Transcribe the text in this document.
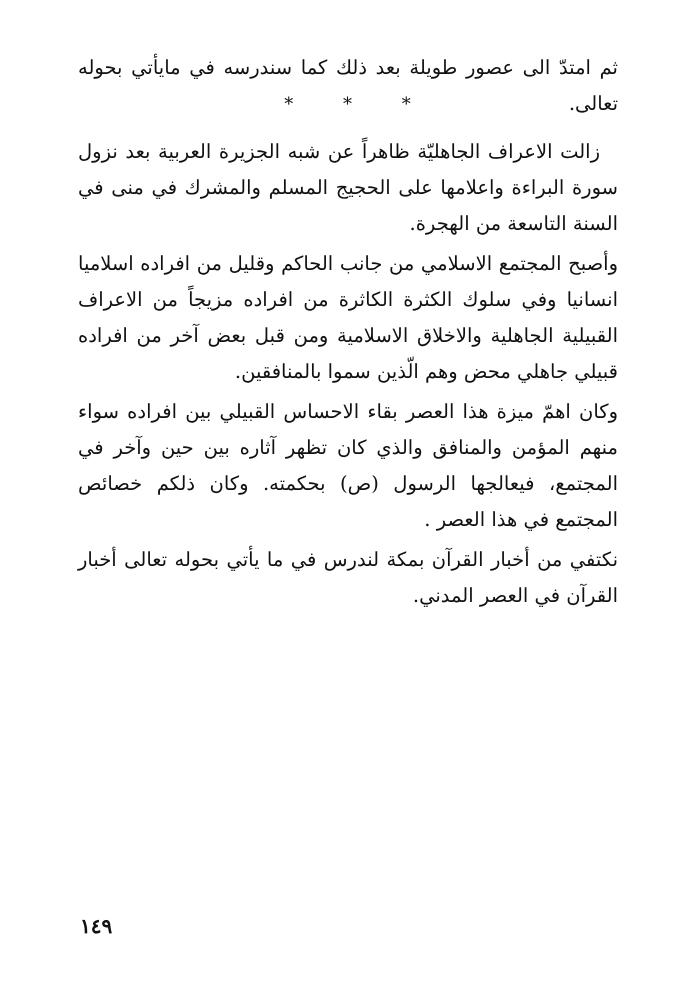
ثم امتدّ الى عصور طويلة بعد ذلك كما سندرسه في مايأتي بحوله تعالى.
*	*	*

زالت الاعراف الجاهليّة ظاهراً عن شبه الجزيرة العربية بعد نزول سورة البراءة واعلامها على الحجيج المسلم والمشرك في منى في السنة التاسعة من الهجرة.

وأصبح المجتمع الاسلامي من جانب الحاكم وقليل من افراده اسلاميا انسانيا وفي سلوك الكثرة الكاثرة من افراده مزيجاً من الاعراف القبيلية الجاهلية والاخلاق الاسلامية ومن قبل بعض آخر من افراده قبيلي جاهلي محض وهم الّذين سموا بالمنافقين.

وكان اهمّ ميزة هذا العصر بقاء الاحساس القبيلي بين افراده سواء منهم المؤمن والمنافق والذي كان تظهر آثاره بين حين وآخر في المجتمع، فيعالجها الرسول (ص) بحكمته. وكان ذلكم خصائص المجتمع في هذا العصر .

نكتفي من أخبار القرآن بمكة لندرس في ما يأتي بحوله تعالى أخبار القرآن في العصر المدني.

١٤٩
